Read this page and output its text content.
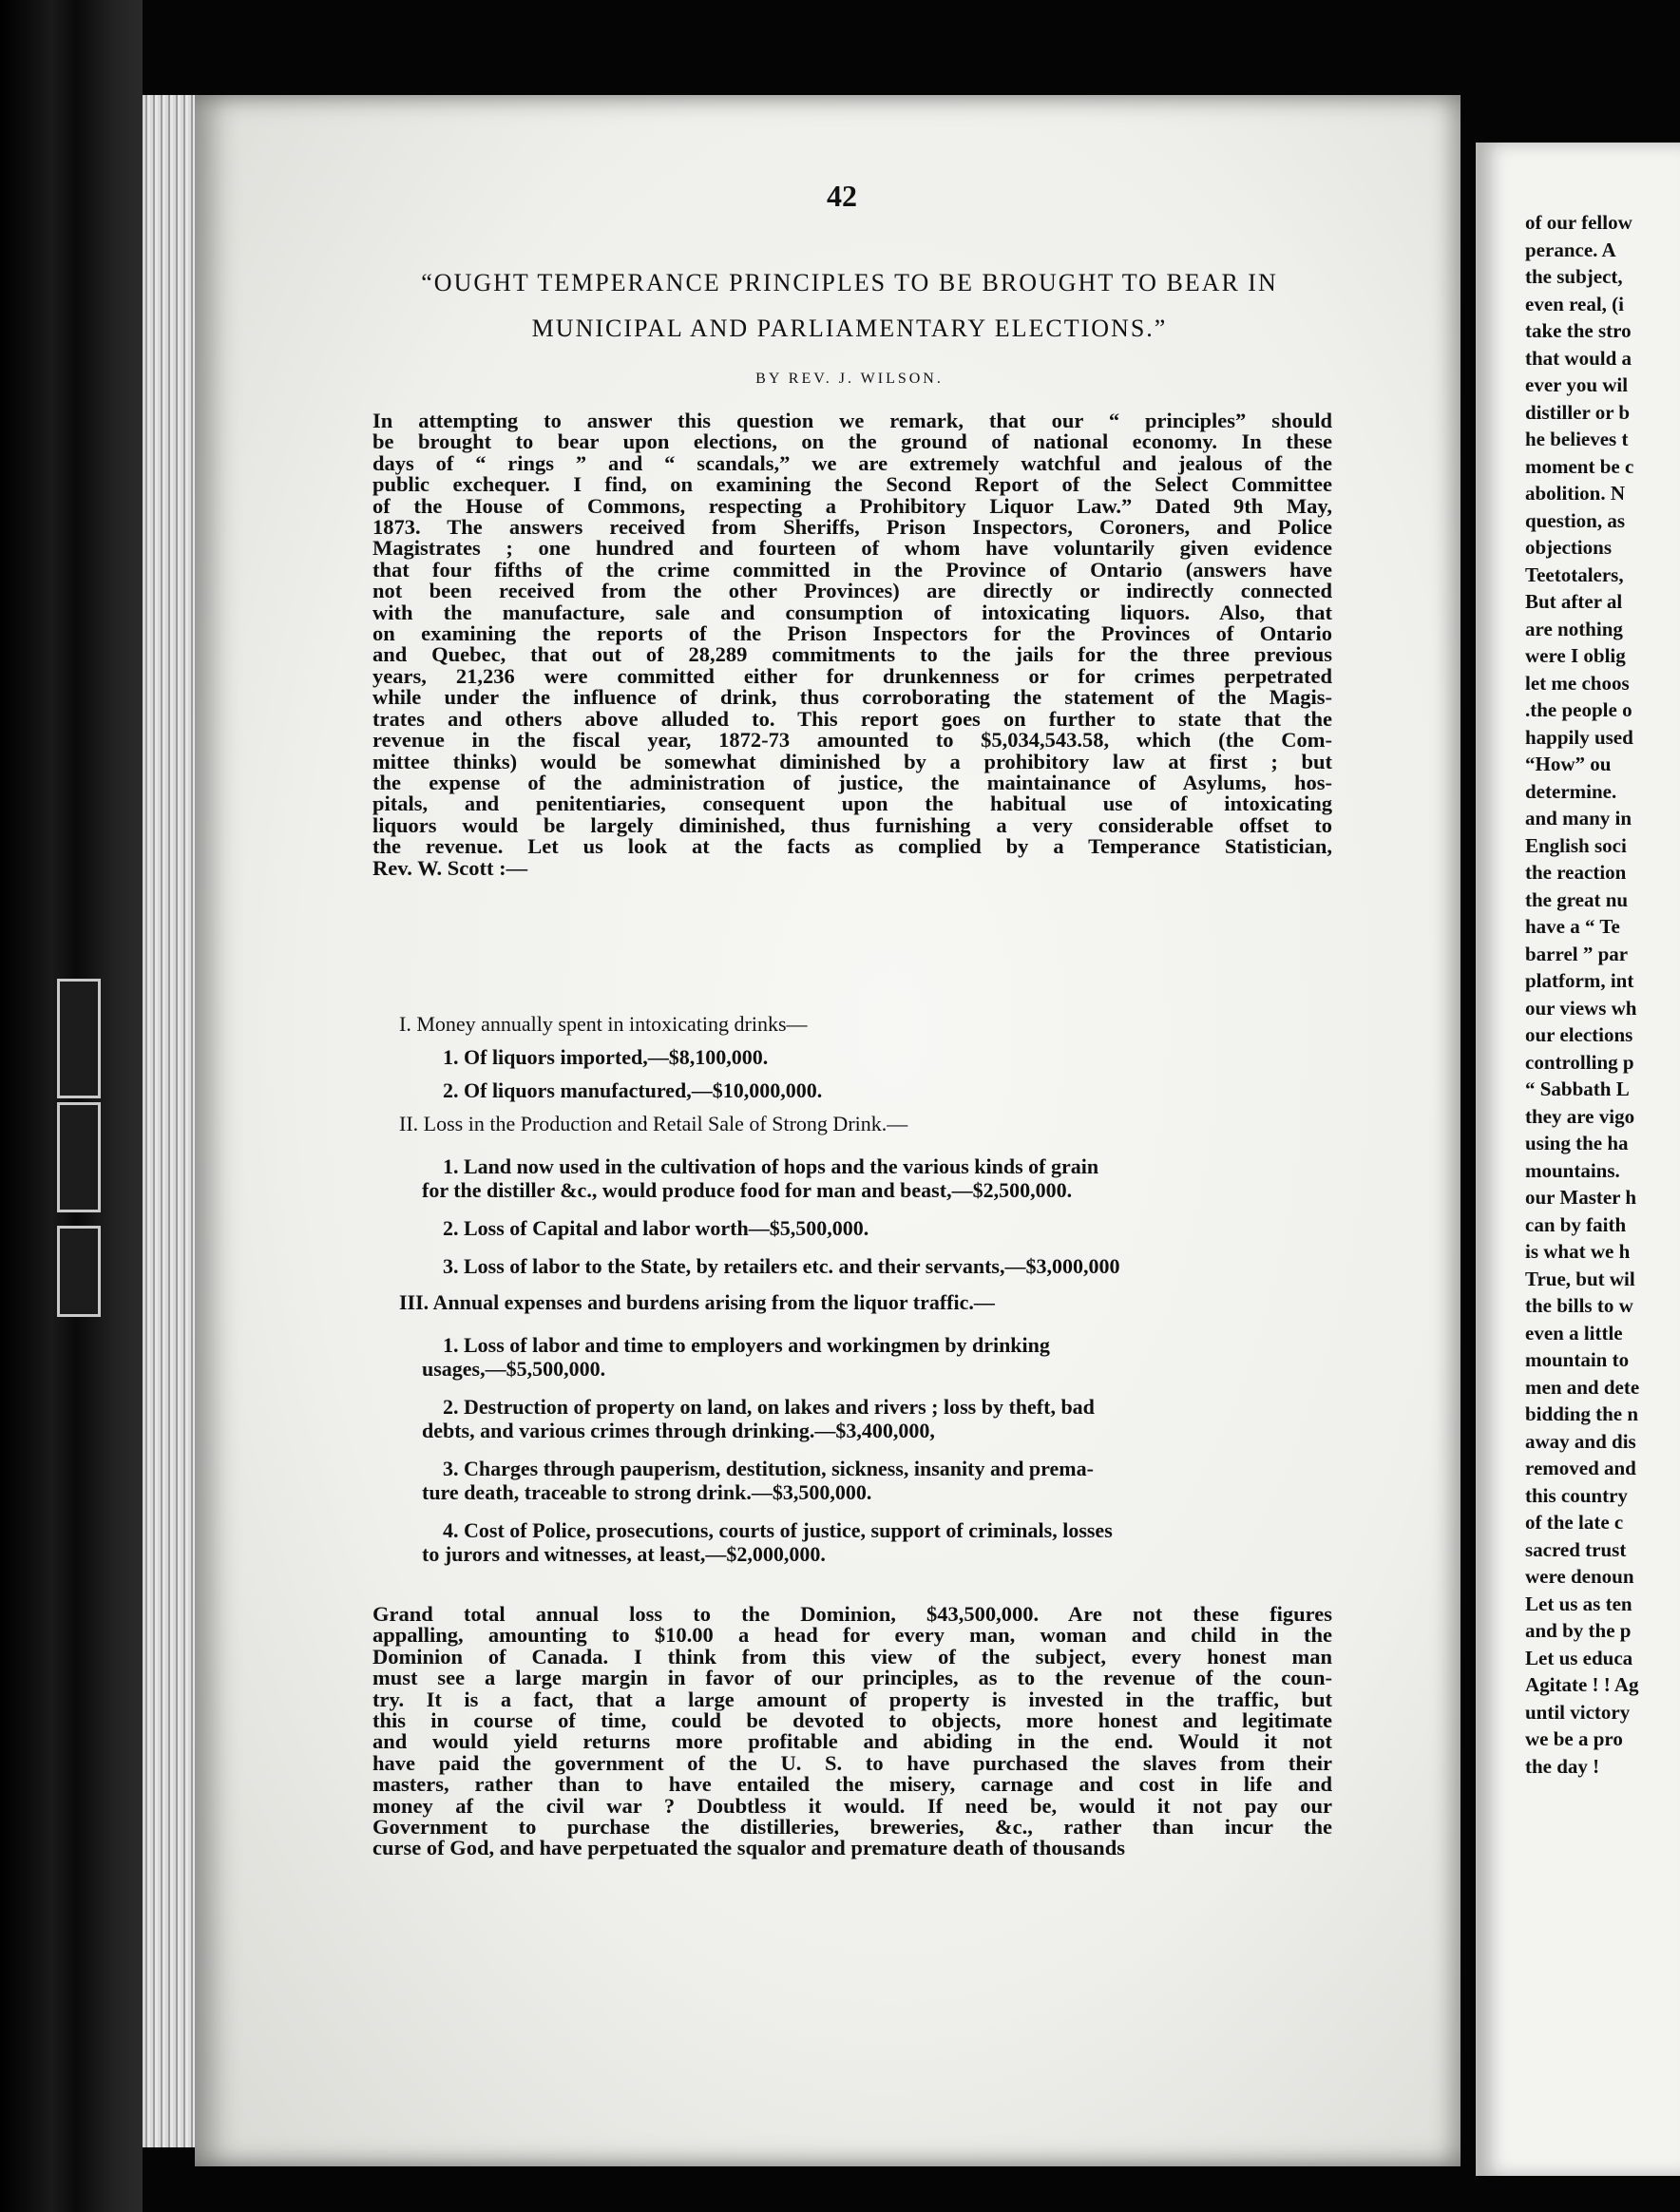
of our fellow
perance. A
the subject,
even real, (i
take the stro
that would a
ever you wil
distiller or b
he believes t
moment be c
abolition. N
question, as
objections
Teetotalers,
But after al
are nothing
were I oblig
let me choos
.the people o
happily used
“How” ou
determine.
and many in
English soci
the reaction
the great nu
have a “ Te
barrel ” par
platform, int
our views wh
our elections
controlling p
“ Sabbath L
they are vigo
using the ha
mountains.
our Master h
can by faith
is what we h
True, but wil
the bills to w
even a little
mountain to
men and dete
bidding the n
away and dis
removed and
this country
of the late c
sacred trust
were denoun
Let us as ten
and by the p
Let us educa
Agitate ! ! Ag
until victory
we be a pro
the day !
42
“OUGHT TEMPERANCE PRINCIPLES TO BE BROUGHT TO BEAR IN
MUNICIPAL AND PARLIAMENTARY ELECTIONS.”
BY REV. J. WILSON.
In attempting to answer this question we remark, that our “ principles” should
be brought to bear upon elections, on the ground of national economy. In these
days of “ rings ” and “ scandals,” we are extremely watchful and jealous of the
public exchequer. I find, on examining the Second Report of the Select Committee
of the House of Commons, respecting a Prohibitory Liquor Law.” Dated 9th May,
1873. The answers received from Sheriffs, Prison Inspectors, Coroners, and Police
Magistrates ; one hundred and fourteen of whom have voluntarily given evidence
that four fifths of the crime committed in the Province of Ontario (answers have
not been received from the other Provinces) are directly or indirectly connected
with the manufacture, sale and consumption of intoxicating liquors. Also, that
on examining the reports of the Prison Inspectors for the Provinces of Ontario
and Quebec, that out of 28,289 commitments to the jails for the three previous
years, 21,236 were committed either for drunkenness or for crimes perpetrated
while under the influence of drink, thus corroborating the statement of the Magis-
trates and others above alluded to. This report goes on further to state that the
revenue in the fiscal year, 1872-73 amounted to $5,034,543.58, which (the Com-
mittee thinks) would be somewhat diminished by a prohibitory law at first ; but
the expense of the administration of justice, the maintainance of Asylums, hos-
pitals, and penitentiaries, consequent upon the habitual use of intoxicating
liquors would be largely diminished, thus furnishing a very considerable offset to
the revenue. Let us look at the facts as complied by a Temperance Statistician,
Rev. W. Scott :—
I. Money annually spent in intoxicating drinks—
1. Of liquors imported,—$8,100,000.
2. Of liquors manufactured,—$10,000,000.
II. Loss in the Production and Retail Sale of Strong Drink.—
1. Land now used in the cultivation of hops and the various kinds of grain
for the distiller &c., would produce food for man and beast,—$2,500,000.
2. Loss of Capital and labor worth—$5,500,000.
3. Loss of labor to the State, by retailers etc. and their servants,—$3,000,000
III. Annual expenses and burdens arising from the liquor traffic.—
1. Loss of labor and time to employers and workingmen by drinking
usages,—$5,500,000.
2. Destruction of property on land, on lakes and rivers ; loss by theft, bad
debts, and various crimes through drinking.—$3,400,000,
3. Charges through pauperism, destitution, sickness, insanity and prema-
ture death, traceable to strong drink.—$3,500,000.
4. Cost of Police, prosecutions, courts of justice, support of criminals, losses
to jurors and witnesses, at least,—$2,000,000.
Grand total annual loss to the Dominion, $43,500,000. Are not these figures
appalling, amounting to $10.00 a head for every man, woman and child in the
Dominion of Canada. I think from this view of the subject, every honest man
must see a large margin in favor of our principles, as to the revenue of the coun-
try. It is a fact, that a large amount of property is invested in the traffic, but
this in course of time, could be devoted to objects, more honest and legitimate
and would yield returns more profitable and abiding in the end. Would it not
have paid the government of the U. S. to have purchased the slaves from their
masters, rather than to have entailed the misery, carnage and cost in life and
money af the civil war ? Doubtless it would. If need be, would it not pay our
Government to purchase the distilleries, breweries, &c., rather than incur the
curse of God, and have perpetuated the squalor and premature death of thousands
